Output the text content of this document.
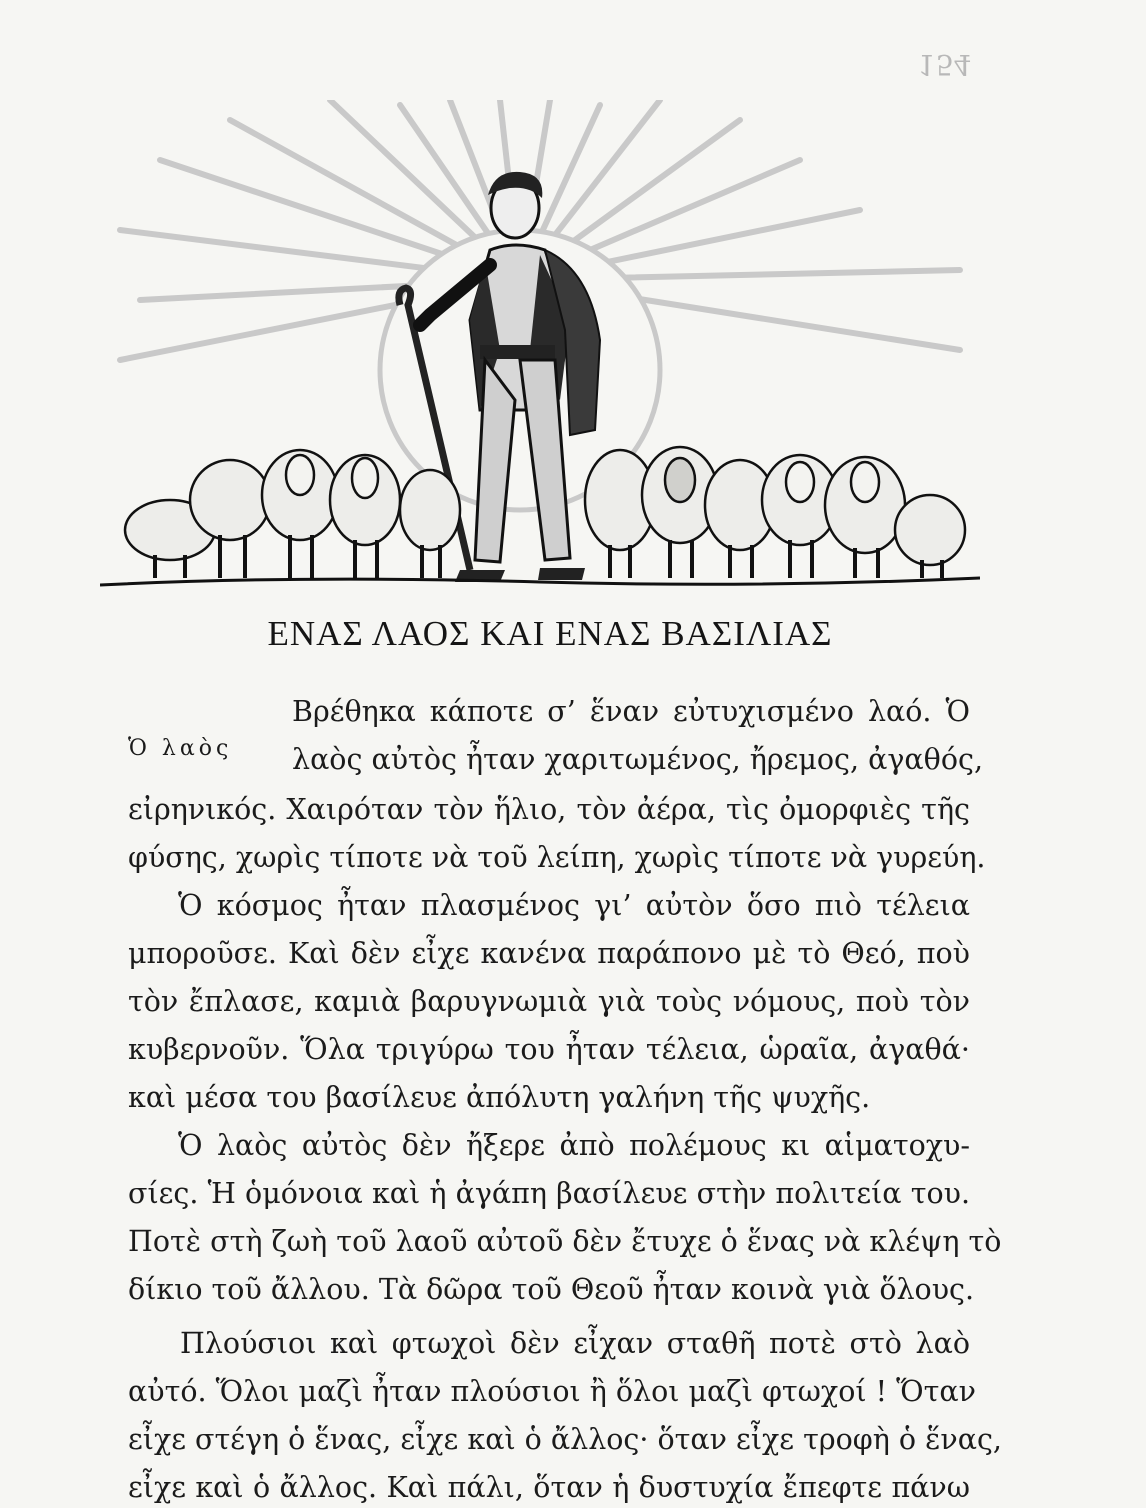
154
ΕΝΑΣ ΛΑΟΣ ΚΑΙ ΕΝΑΣ ΒΑΣΙΛΙΑΣ
Ὁ λαὸς
Βρέθηκα κάποτε σ’ ἕναν εὐτυχισμένο λαό. Ὁ
λαὸς αὐτὸς ἦταν χαριτωμένος, ἤρεμος, ἀγαθός,
εἰρηνικός. Χαιρόταν τὸν ἥλιο, τὸν ἀέρα, τὶς ὀμορφιὲς τῆς
φύσης, χωρὶς τίποτε νὰ τοῦ λείπη, χωρὶς τίποτε νὰ γυρεύη.
Ὁ κόσμος ἦταν πλασμένος γι’ αὐτὸν ὅσο πιὸ τέλεια
μποροῦσε. Καὶ δὲν εἶχε κανένα παράπονο μὲ τὸ Θεό, ποὺ
τὸν ἔπλασε, καμιὰ βαρυγνωμιὰ γιὰ τοὺς νόμους, ποὺ τὸν
κυβερνοῦν. Ὅλα τριγύρω του ἦταν τέλεια, ὡραῖα, ἀγαθά·
καὶ μέσα του βασίλευε ἀπόλυτη γαλήνη τῆς ψυχῆς.
Ὁ λαὸς αὐτὸς δὲν ἤξερε ἀπὸ πολέμους κι αἱματοχυ-
σίες. Ἡ ὁμόνοια καὶ ἡ ἀγάπη βασίλευε στὴν πολιτεία του.
Ποτὲ στὴ ζωὴ τοῦ λαοῦ αὐτοῦ δὲν ἔτυχε ὁ ἕνας νὰ κλέψη τὸ
δίκιο τοῦ ἄλλου. Τὰ δῶρα τοῦ Θεοῦ ἦταν κοινὰ γιὰ ὅλους.
Πλούσιοι καὶ φτωχοὶ δὲν εἶχαν σταθῆ ποτὲ στὸ λαὸ
αὐτό. Ὅλοι μαζὶ ἦταν πλούσιοι ἢ ὅλοι μαζὶ φτωχοί ! Ὅταν
εἶχε στέγη ὁ ἕνας, εἶχε καὶ ὁ ἄλλος· ὅταν εἶχε τροφὴ ὁ ἕνας,
εἶχε καὶ ὁ ἄλλος. Καὶ πάλι, ὅταν ἡ δυστυχία ἔπεφτε πάνω
